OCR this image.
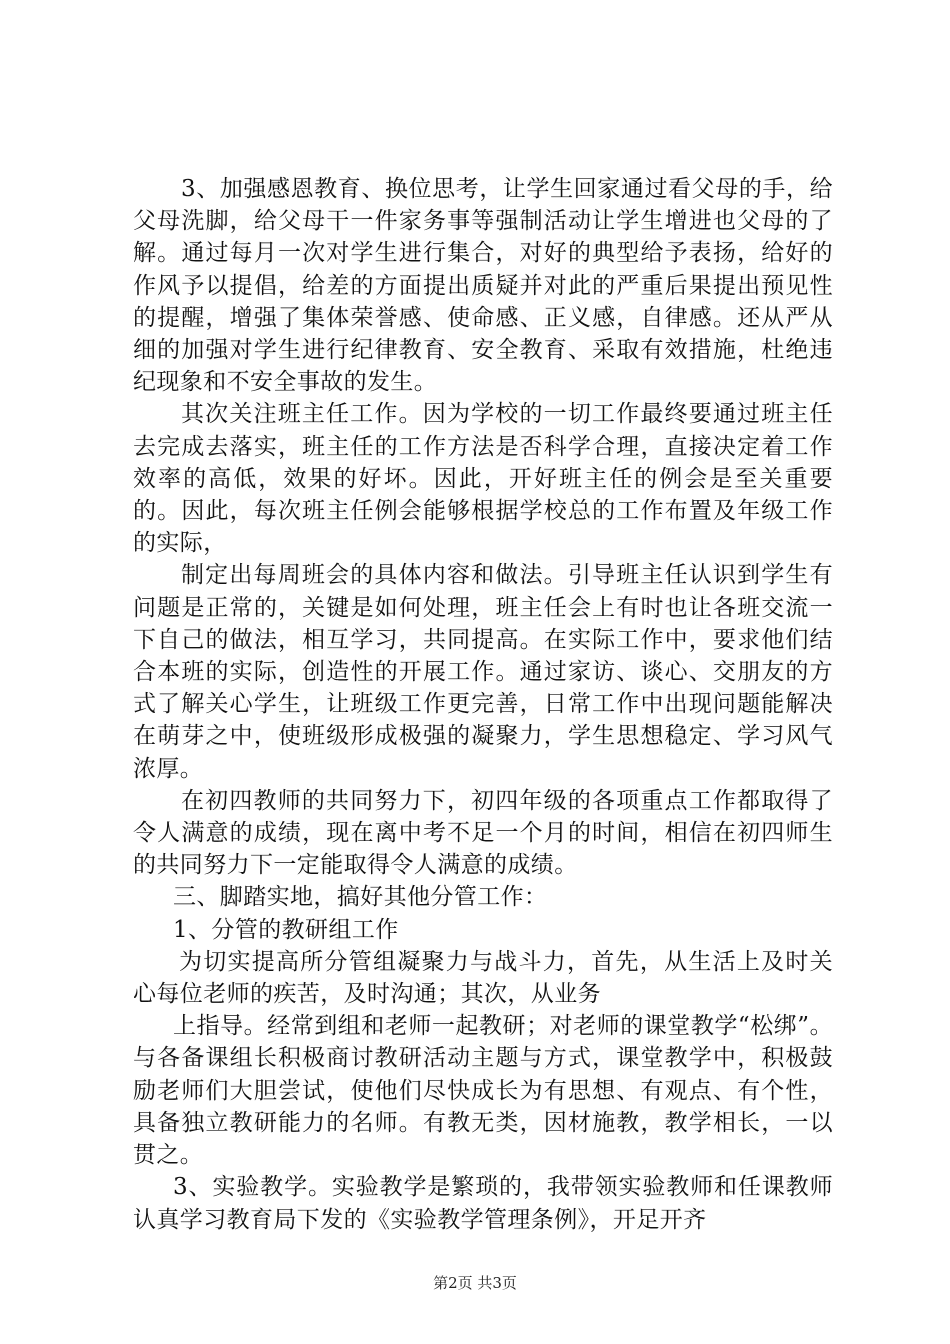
3、加强感恩教育、换位思考，让学生回家通过看父母的手，给父母洗脚，给父母干一件家务事等强制活动让学生增进也父母的了解。通过每月一次对学生进行集合，对好的典型给予表扬，给好的作风予以提倡，给差的方面提出质疑并对此的严重后果提出预见性的提醒，增强了集体荣誉感、使命感、正义感，自律感。还从严从细的加强对学生进行纪律教育、安全教育、采取有效措施，杜绝违纪现象和不安全事故的发生。

其次关注班主任工作。因为学校的一切工作最终要通过班主任去完成去落实，班主任的工作方法是否科学合理，直接决定着工作效率的高低，效果的好坏。因此，开好班主任的例会是至关重要的。因此，每次班主任例会能够根据学校总的工作布置及年级工作的实际，

制定出每周班会的具体内容和做法。引导班主任认识到学生有问题是正常的，关键是如何处理，班主任会上有时也让各班交流一下自己的做法，相互学习，共同提高。在实际工作中，要求他们结合本班的实际，创造性的开展工作。通过家访、谈心、交朋友的方式了解关心学生，让班级工作更完善，日常工作中出现问题能解决在萌芽之中，使班级形成极强的凝聚力，学生思想稳定、学习风气浓厚。

在初四教师的共同努力下，初四年级的各项重点工作都取得了令人满意的成绩，现在离中考不足一个月的时间，相信在初四师生的共同努力下一定能取得令人满意的成绩。

三、脚踏实地，搞好其他分管工作：

1、分管的教研组工作

为切实提高所分管组凝聚力与战斗力，首先，从生活上及时关心每位老师的疾苦，及时沟通；其次，从业务

上指导。经常到组和老师一起教研；对老师的课堂教学“松绑”。与各备课组长积极商讨教研活动主题与方式，课堂教学中，积极鼓励老师们大胆尝试，使他们尽快成长为有思想、有观点、有个性，具备独立教研能力的名师。有教无类，因材施教，教学相长，一以贯之。

3、实验教学。实验教学是繁琐的，我带领实验教师和任课教师认真学习教育局下发的《实验教学管理条例》，开足开齐

第2页 共3页
